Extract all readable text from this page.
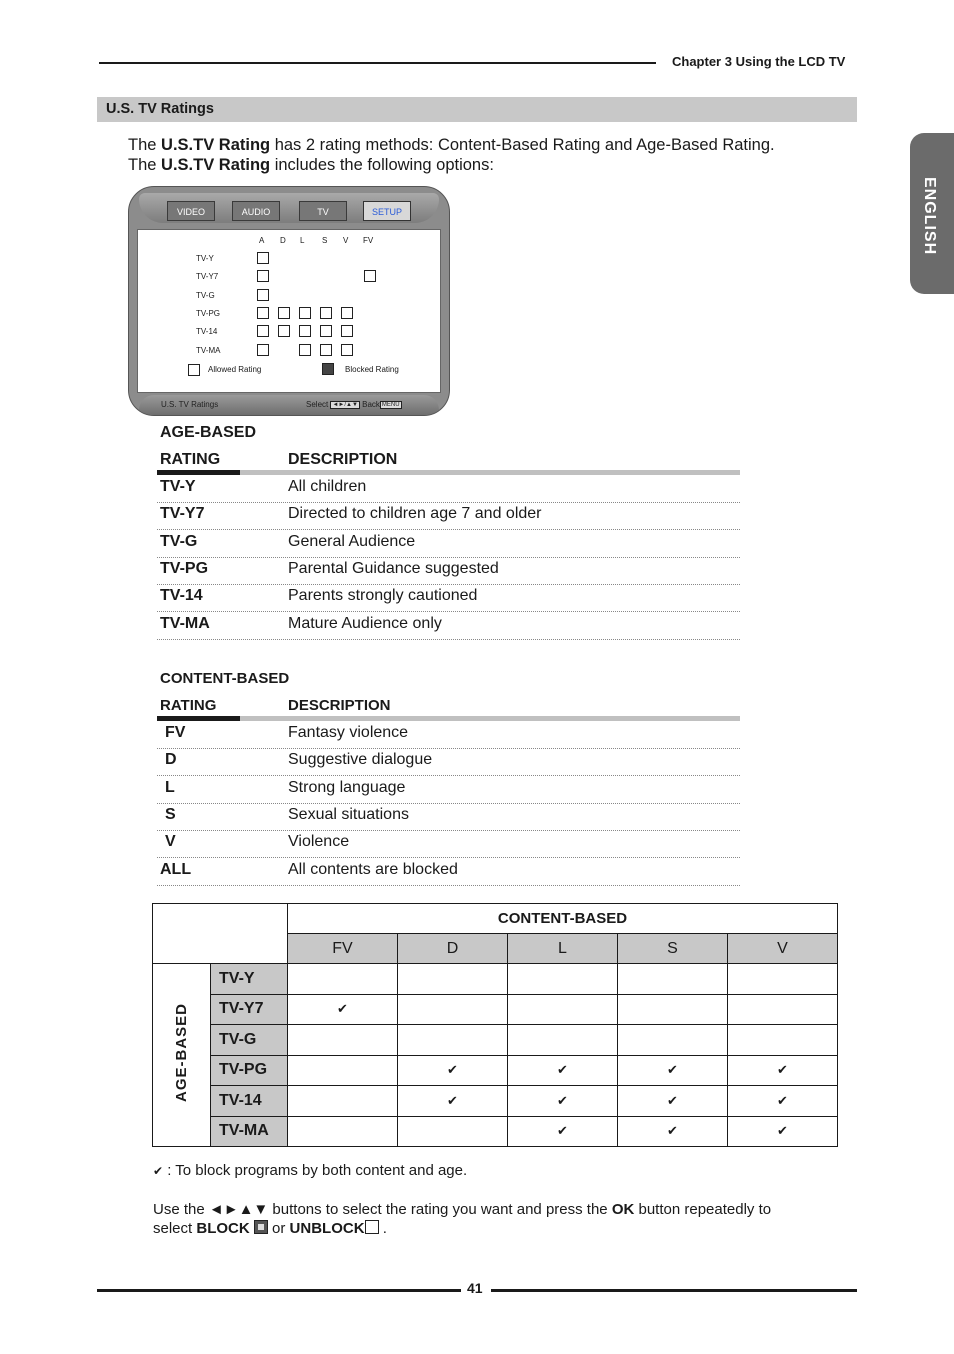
Chapter 3 Using the LCD TV
U.S. TV Ratings
ENGLISH
The U.S.TV Rating has 2 rating methods: Content-Based Rating and Age-Based Rating.
The U.S.TV Rating includes the following options:
VIDEO	AUDIO	TV	SETUP
A D L S V FV
TV-Y
TV-Y7
TV-G
TV-PG
TV-14
TV-MA
Allowed Rating	Blocked Rating
U.S. TV Ratings	Select ◄►/▲▼ Back MENU
AGE-BASED
RATING	DESCRIPTION
TV-Y	All children
TV-Y7	Directed to children age 7 and older
TV-G	General Audience
TV-PG	Parental Guidance suggested
TV-14	Parents strongly cautioned
TV-MA	Mature Audience only
CONTENT-BASED
RATING	DESCRIPTION
FV	Fantasy violence
D	Suggestive dialogue
L	Strong language
S	Sexual situations
V	Violence
ALL	All contents are blocked
		CONTENT-BASED				
		FV	D	L	S	V
AGE-BASED	TV-Y					
	TV-Y7	✔				
	TV-G					
	TV-PG		✔	✔	✔	✔
	TV-14		✔	✔	✔	✔
	TV-MA			✔	✔	✔
✔ : To block programs by both content and age.
Use the ◄►▲▼ buttons to select the rating you want and press the OK button repeatedly to
select BLOCK  or UNBLOCK .
41
